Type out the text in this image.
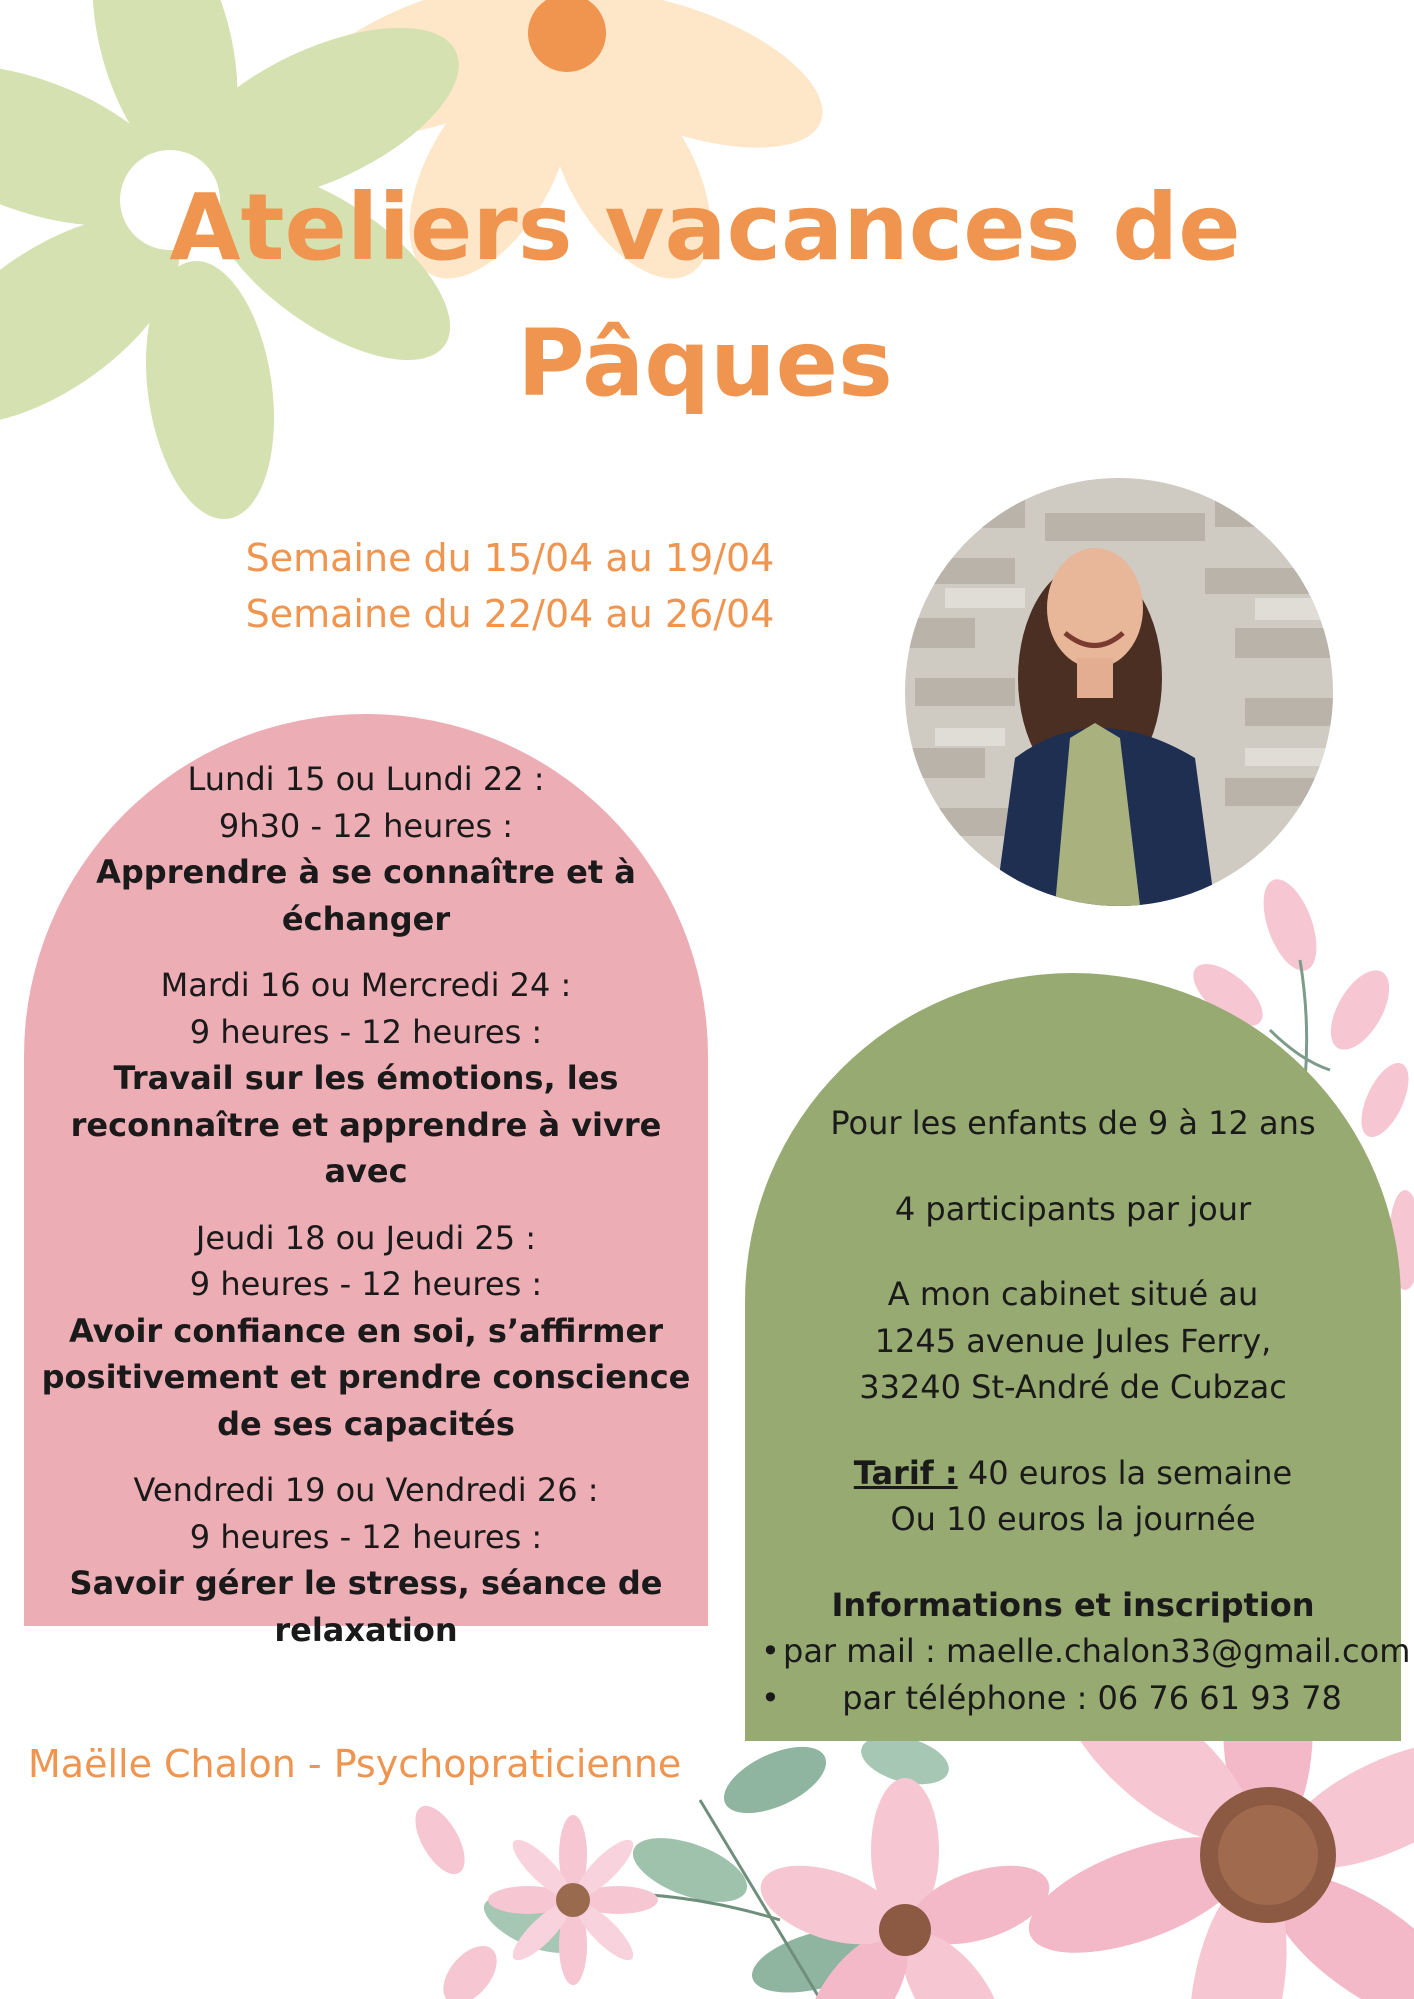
Ateliers vacances de
Pâques
Semaine du 15/04 au 19/04
Semaine du 22/04 au 26/04
Lundi 15 ou Lundi 22 :
9h30 - 12 heures :
Apprendre à se connaître et à échanger
Mardi 16 ou Mercredi 24 :
9 heures - 12 heures :
Travail sur les émotions, les reconnaître et apprendre à vivre avec
Jeudi 18 ou Jeudi 25 :
9 heures - 12 heures :
Avoir confiance en soi, s’affirmer positivement et prendre conscience de ses capacités
Vendredi 19 ou Vendredi 26 :
9 heures - 12 heures :
Savoir gérer le stress, séance de relaxation
Pour les enfants de 9 à 12 ans
4 participants par jour
A mon cabinet situé au
1245 avenue Jules Ferry,
33240 St-André de Cubzac
Tarif : 40 euros la semaine
Ou 10 euros la journée
Informations et inscription
• par mail : maelle.chalon33@gmail.com
• par téléphone : 06 76 61 93 78
Maëlle Chalon - Psychopraticienne
